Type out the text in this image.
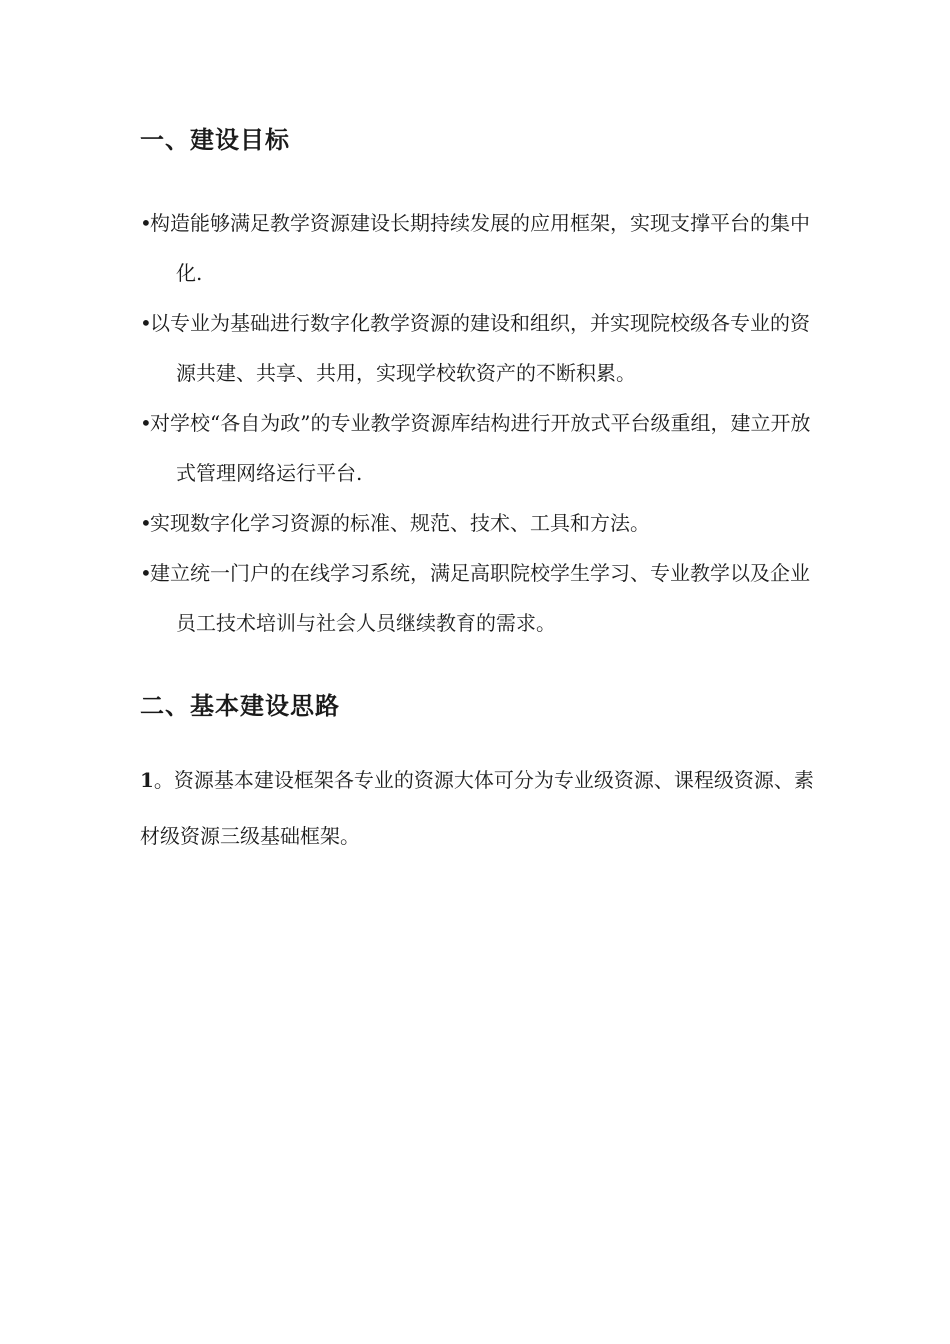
一、建设目标
•构造能够满足教学资源建设长期持续发展的应用框架，实现支撑平台的集中化.
•以专业为基础进行数字化教学资源的建设和组织，并实现院校级各专业的资源共建、共享、共用，实现学校软资产的不断积累。
•对学校“各自为政”的专业教学资源库结构进行开放式平台级重组，建立开放式管理网络运行平台.
•实现数字化学习资源的标准、规范、技术、工具和方法。
•建立统一门户的在线学习系统，满足高职院校学生学习、专业教学以及企业员工技术培训与社会人员继续教育的需求。
二、基本建设思路

1。资源基本建设框架各专业的资源大体可分为专业级资源、课程级资源、素材级资源三级基础框架。
